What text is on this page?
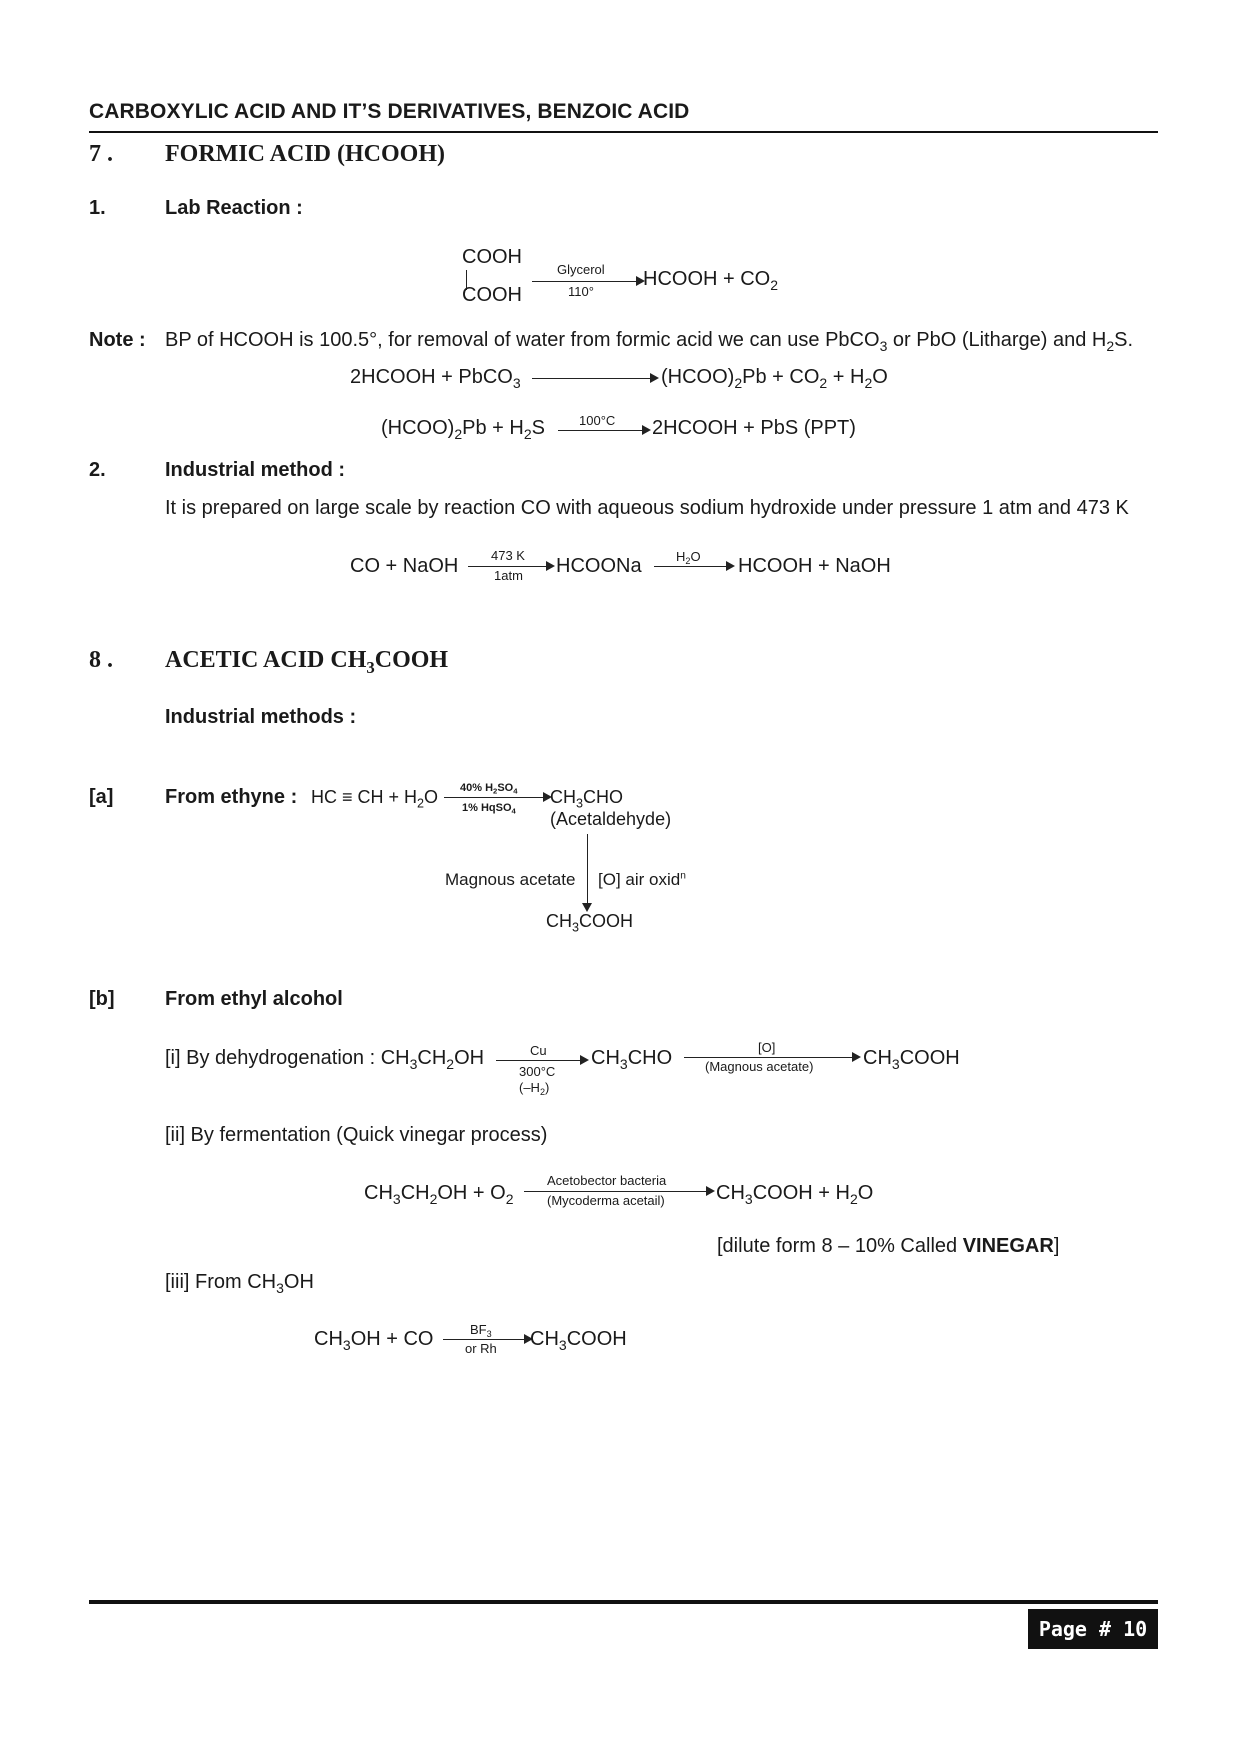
CARBOXYLIC ACID AND IT’S DERIVATIVES, BENZOIC ACID
7 . FORMIC ACID (HCOOH)
1.	Lab Reaction :
COOH
COOH
Glycerol
110°
HCOOH + $CO_2$
Note : BP of HCOOH is 100.5°, for removal of water from formic acid we can use PbCO$_3$ or PbO (Litharge) and $H_2S$.
2HCOOH + PbCO$_3$	$(HCOO)_2Pb + CO_2 + H_2O$
$(HCOO)_2Pb + H_2S$	100°C 2HCOOH + PbS (PPT)
2.	Industrial method :
It is prepared on large scale by reaction CO with aqueous sodium hydroxide under pressure 1 atm and 473 K
CO + NaOH	473 K
1atm HCOONa	$H_2O$ HCOOH + NaOH
8 . ACETIC ACID $CH_3COOH$
Industrial methods :
[a]	From ethyne : HC ≡ CH + $H_2O$ 40% $H_2SO_4$
1% HqSO$_4$
$CH_3CHO$
(Acetaldehyde)
Magnous acetate [O] air oxid$^n$
$CH_3COOH$
[b]	From ethyl alcohol
[i] By dehydrogenation : $CH_3CH_2OH$	Cu
300°C
$(-H_2)$
$CH_3CHO$	[O]
(Magnous acetate) $CH_3COOH$
[ii] By fermentation (Quick vinegar process)
$CH_3CH_2OH + O_2$
Acetobector bacteria
(Mycoderma acetail)	$CH_3COOH + H_2O$
[dilute form 8 – 10% Called VINEGAR]
[iii] From $CH_3OH$
$CH_3OH$ + CO	$BF_3$
or Rh $CH_3COOH$
Page # 10
